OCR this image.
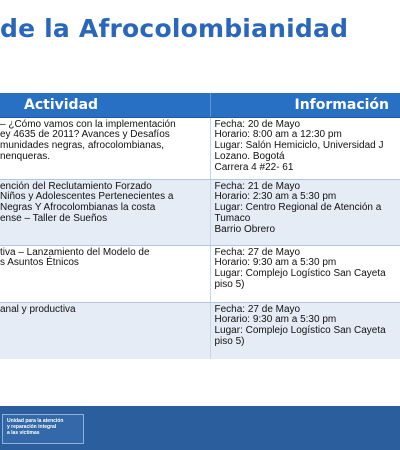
de la Afrocolombianidad
Actividad	Información

– ¿Cómo vamos con la implementación
ey 4635 de 2011? Avances y Desafíos
munidades negras, afrocolombianas,
nenqueras.	Fecha: 20 de Mayo
Horario: 8:00 am a 12:30 pm
Lugar: Salón Hemiciclo, Universidad J
Lozano. Bogotá
Carrera 4 #22- 61

ención del Reclutamiento Forzado
Niños y Adolescentes Pertenecientes a
Negras Y Afrocolombianas la costa
ense – Taller de Sueños	Fecha: 21 de Mayo
Horario: 2:30 am a 5:30 pm
Lugar: Centro Regional de Atención a
Tumaco
Barrio Obrero

tiva – Lanzamiento del Modelo de
s Asuntos Étnicos	Fecha: 27 de Mayo
Horario: 9:30 am a 5:30 pm
Lugar: Complejo Logístico San Cayeta
piso 5)

anal y productiva	Fecha: 27 de Mayo
Horario: 9:30 am a 5:30 pm
Lugar: Complejo Logístico San Cayeta
piso 5)
Unidad para la atención
y reparación integral
a las víctimas
